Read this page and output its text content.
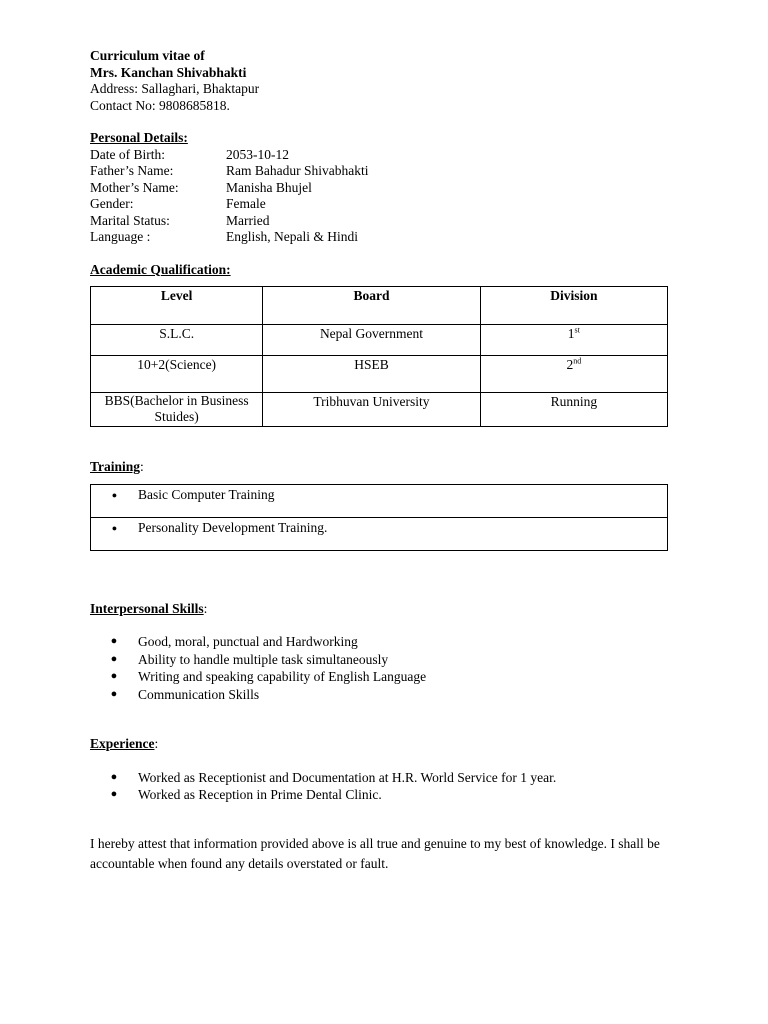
Curriculum vitae of
Mrs. Kanchan Shivabhakti
Address: Sallaghari, Bhaktapur
Contact No: 9808685818.
Personal Details:
Date of Birth:	2053-10-12
Father’s Name:	Ram Bahadur Shivabhakti
Mother’s Name:	Manisha Bhujel
Gender:	Female
Marital Status:	Married
Language :	English, Nepali & Hindi
Academic Qualification:
Level	Board	Division
S.L.C.	Nepal Government	1st
10+2(Science)	HSEB	2nd
BBS(Bachelor in Business Stuides)	Tribhuvan University	Running
Training:
●	Basic Computer Training

●	Personality Development Training.
Interpersonal Skills:
●	Good, moral, punctual and Hardworking
●	Ability to handle multiple task simultaneously
●	Writing and speaking capability of English Language
●	Communication Skills
Experience:
●	Worked as Receptionist and Documentation at H.R. World Service for 1 year.
●	Worked as Reception in Prime Dental Clinic.
I hereby attest that information provided above is all true and genuine to my best of knowledge. I shall be accountable when found any details overstated or fault.
